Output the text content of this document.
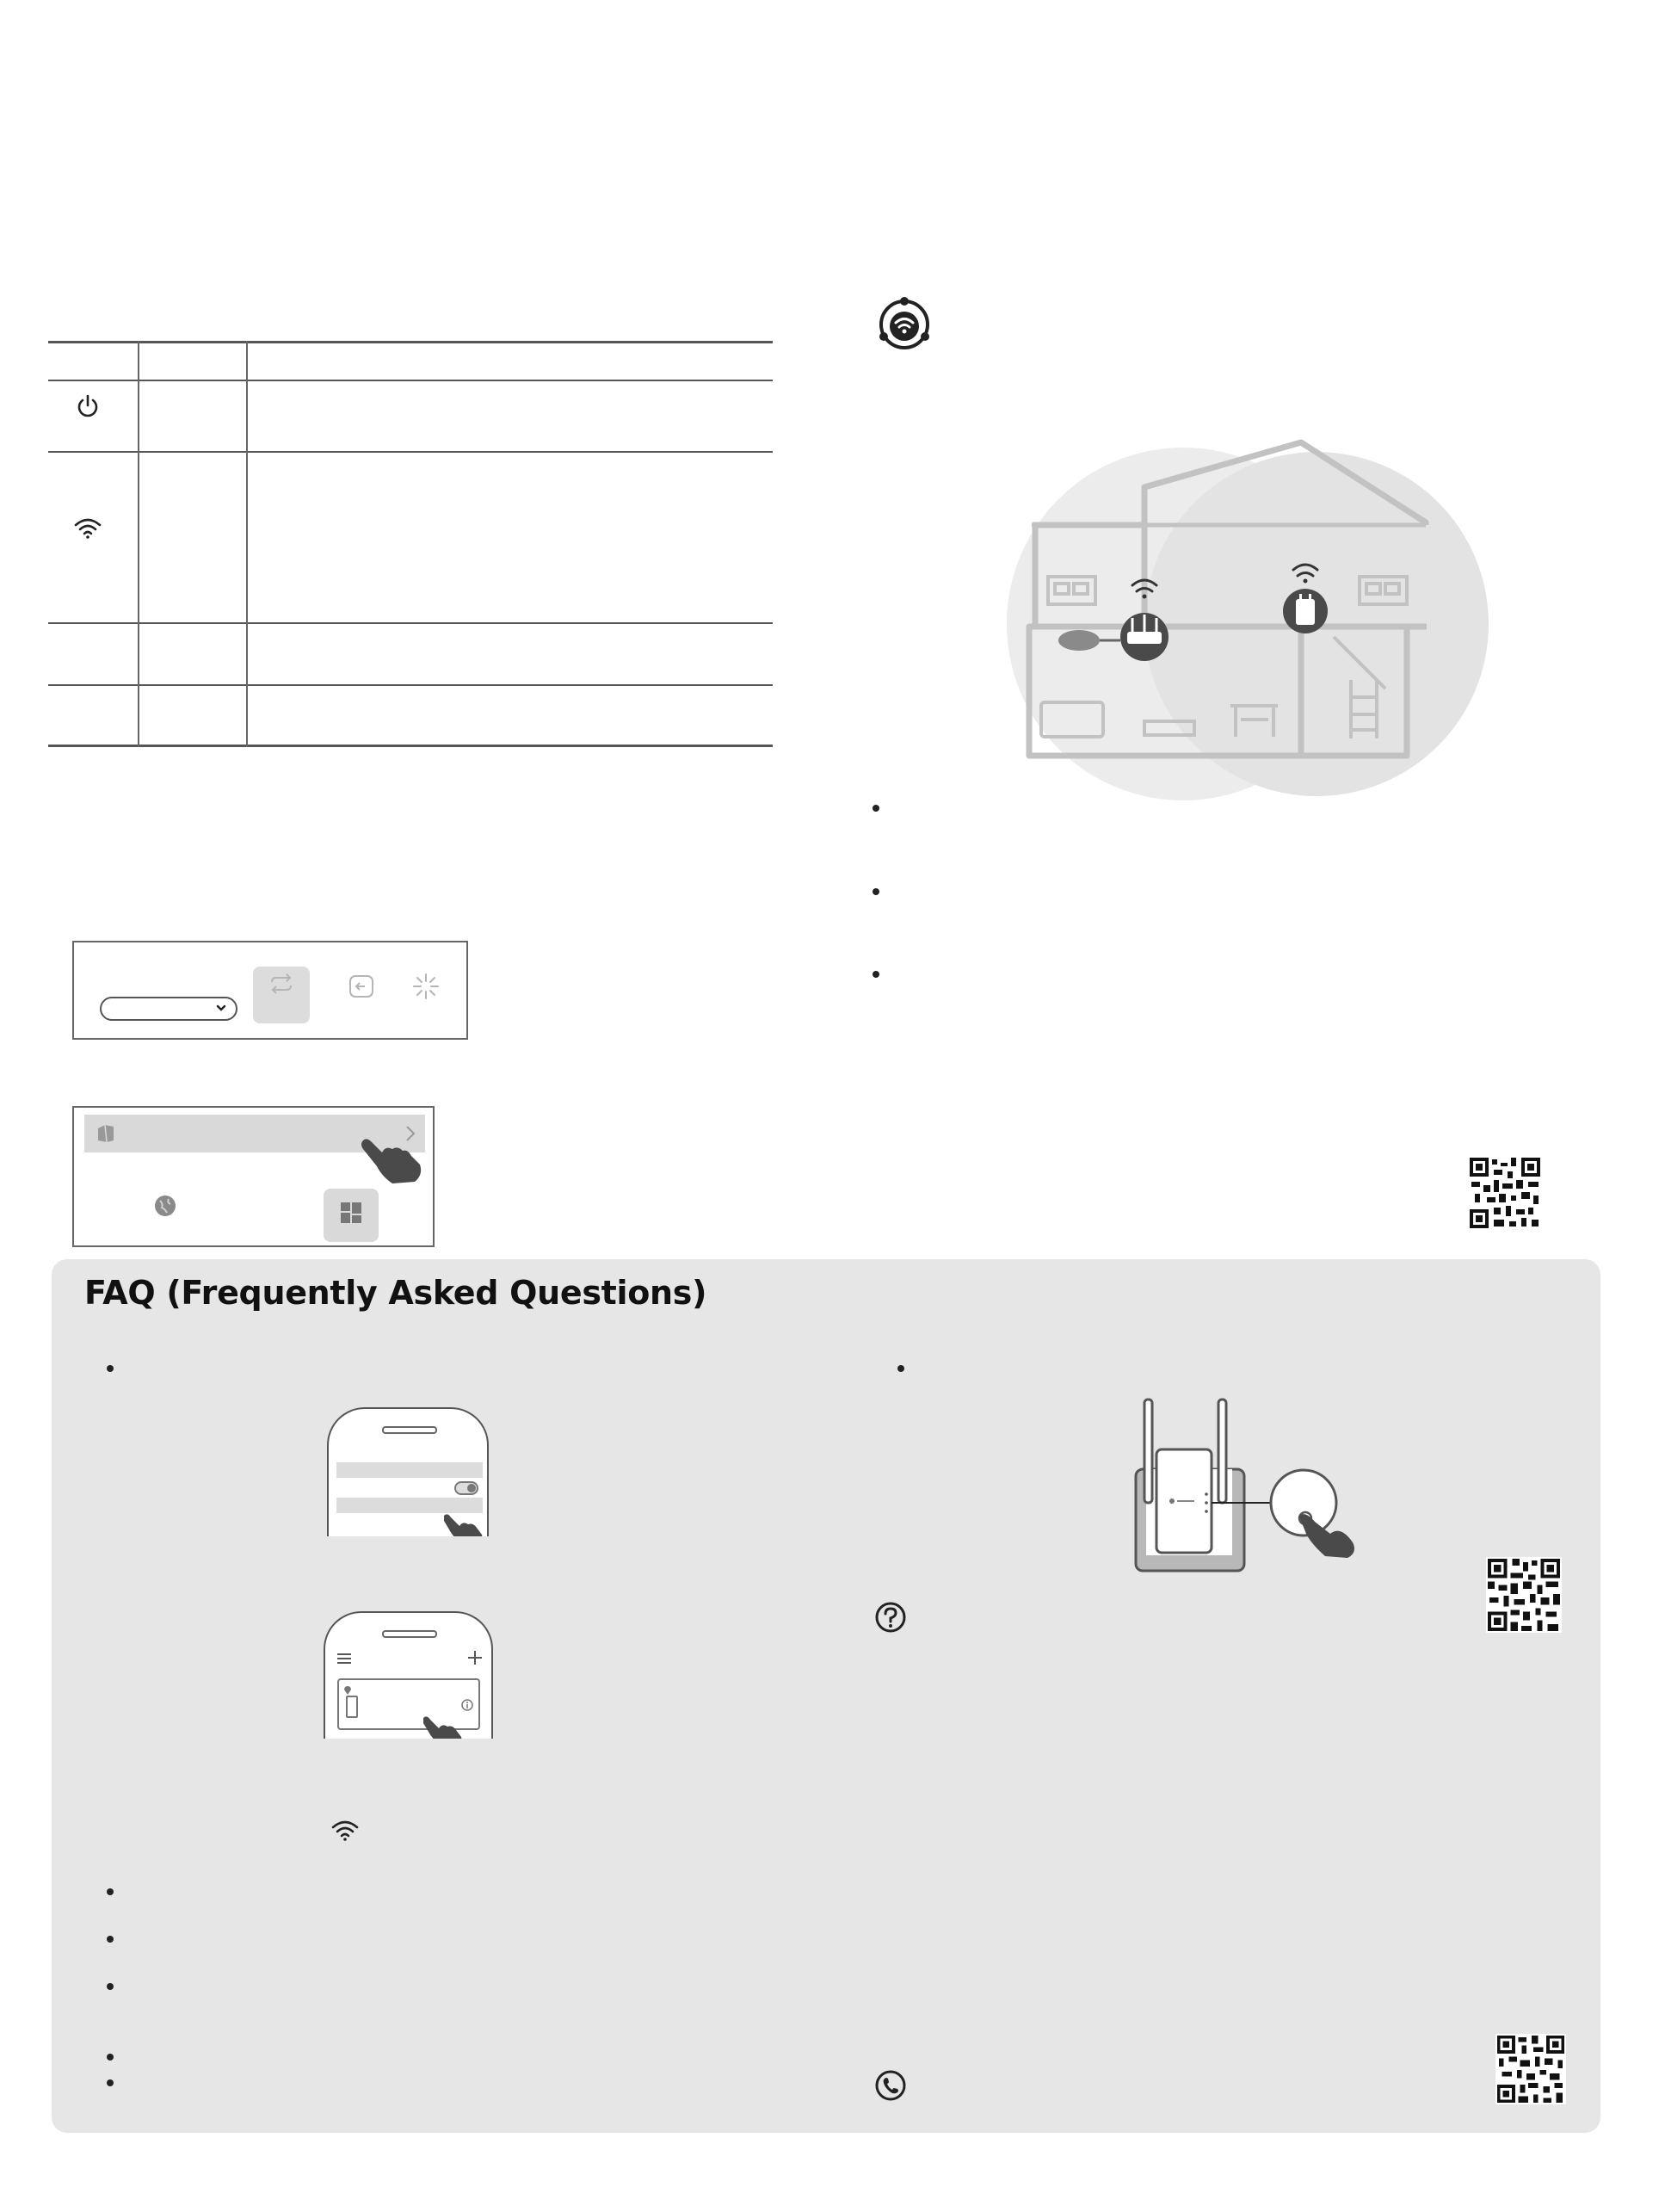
FAQ (Frequently Asked Questions)
